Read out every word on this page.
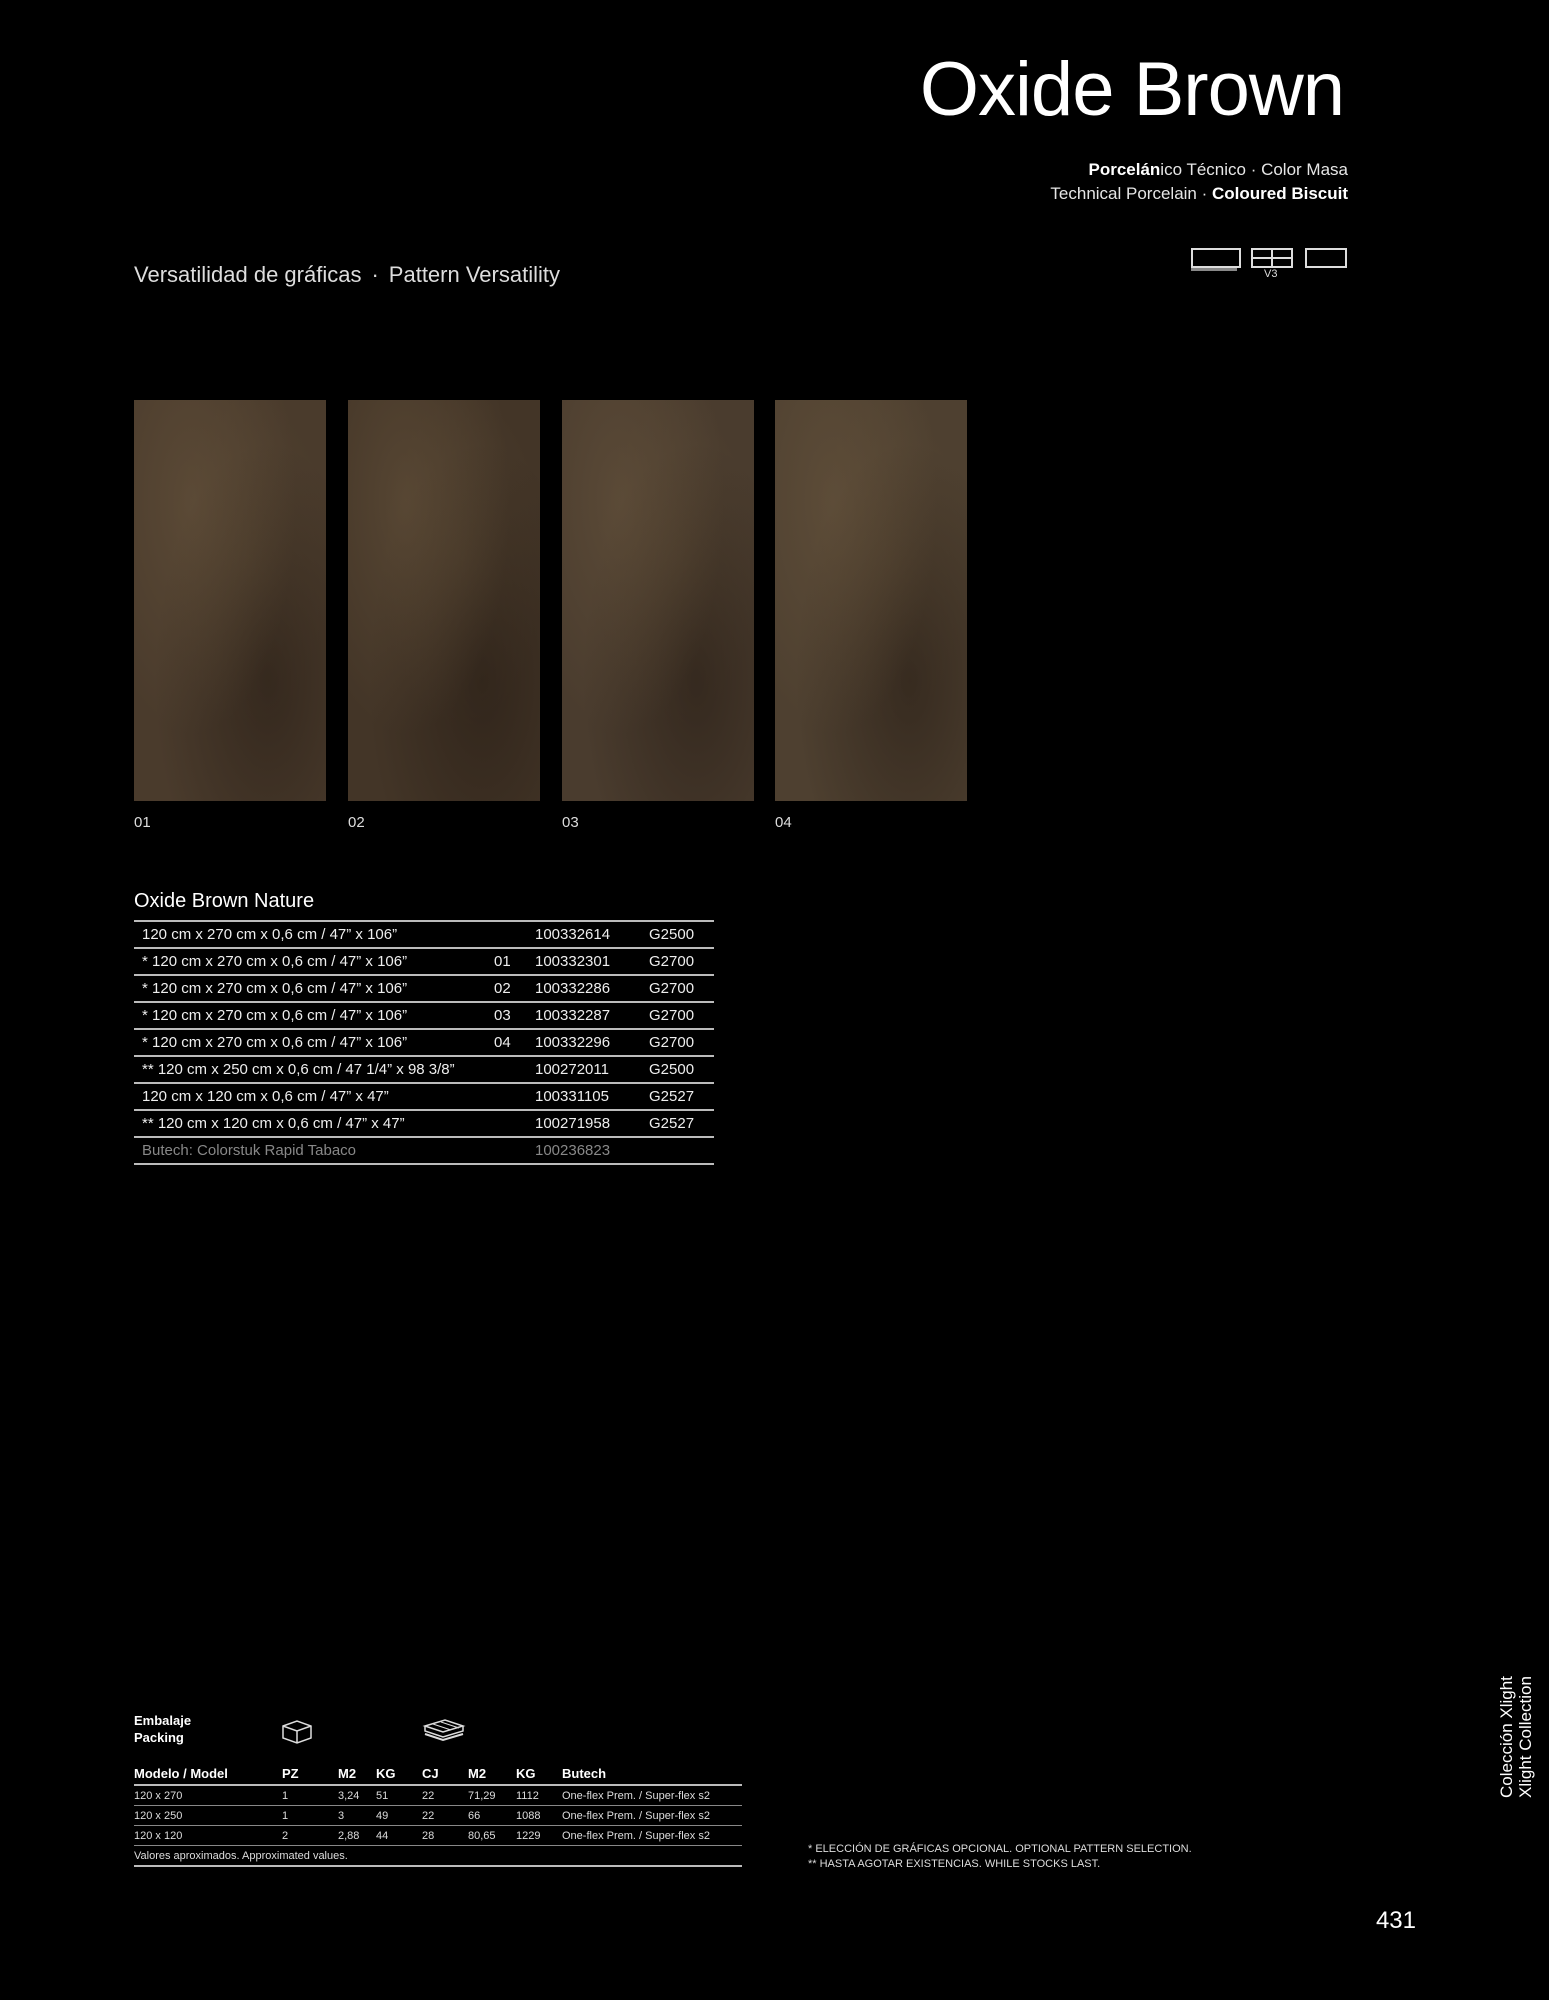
Oxide Brown
Porcelánico Técnico · Color Masa
Technical Porcelain · Coloured Biscuit
V3
Versatilidad de gráficas · Pattern Versatility
01	02	03	04
Oxide Brown Nature
120 cm x 270 cm x 0,6 cm / 47” x 106”		100332614	G2500
* 120 cm x 270 cm x 0,6 cm / 47” x 106”	01	100332301	G2700
* 120 cm x 270 cm x 0,6 cm / 47” x 106”	02	100332286	G2700
* 120 cm x 270 cm x 0,6 cm / 47” x 106”	03	100332287	G2700
* 120 cm x 270 cm x 0,6 cm / 47” x 106”	04	100332296	G2700
** 120 cm x 250 cm x 0,6 cm / 47 1/4” x 98 3/8”		100272011	G2500
120 cm x 120 cm x 0,6 cm / 47” x 47”		100331105	G2527
** 120 cm x 120 cm x 0,6 cm / 47” x 47”		100271958	G2527
Butech: Colorstuk Rapid Tabaco		100236823	
Embalaje
Packing
Modelo / Model	PZ	M2	KG	CJ	M2	KG	Butech
120 x 270	1	3,24	51	22	71,29	1112	One-flex Prem. / Super-flex s2
120 x 250	1	3	49	22	66	1088	One-flex Prem. / Super-flex s2
120 x 120	2	2,88	44	28	80,65	1229	One-flex Prem. / Super-flex s2
Valores aproximados. Approximated values.							
* ELECCIÓN DE GRÁFICAS OPCIONAL. OPTIONAL PATTERN SELECTION.
** HASTA AGOTAR EXISTENCIAS. WHILE STOCKS LAST.
Colección Xlight Xlight Collection
431
